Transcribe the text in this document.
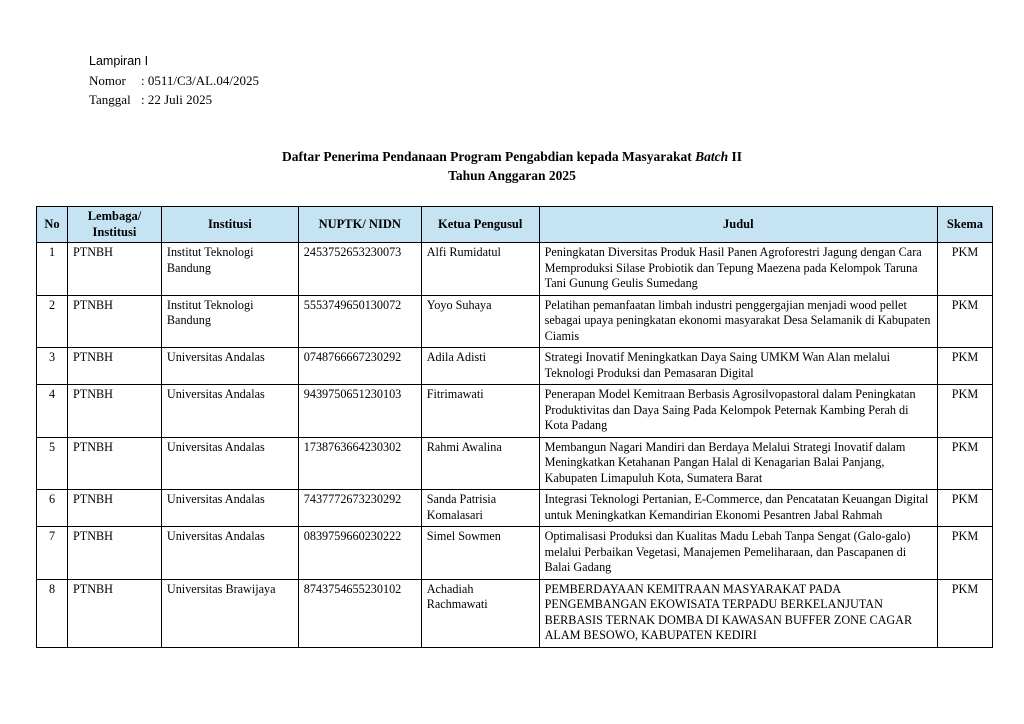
Lampiran I
Nomor : 0511/C3/AL.04/2025
Tanggal : 22 Juli 2025
Daftar Penerima Pendanaan Program Pengabdian kepada Masyarakat Batch II
Tahun Anggaran 2025
No	Lembaga/ Institusi	Institusi	NUPTK/ NIDN	Ketua Pengusul	Judul	Skema
1	PTNBH	Institut Teknologi Bandung	2453752653230073	Alfi Rumidatul	Peningkatan Diversitas Produk Hasil Panen Agroforestri Jagung dengan Cara Memproduksi Silase Probiotik dan Tepung Maezena pada Kelompok Taruna Tani Gunung Geulis Sumedang	PKM
2	PTNBH	Institut Teknologi Bandung	5553749650130072	Yoyo Suhaya	Pelatihan pemanfaatan limbah industri penggergajian menjadi wood pellet sebagai upaya peningkatan ekonomi masyarakat Desa Selamanik di Kabupaten Ciamis	PKM
3	PTNBH	Universitas Andalas	0748766667230292	Adila Adisti	Strategi Inovatif Meningkatkan Daya Saing UMKM Wan Alan melalui Teknologi Produksi dan Pemasaran Digital	PKM
4	PTNBH	Universitas Andalas	9439750651230103	Fitrimawati	Penerapan Model Kemitraan Berbasis Agrosilvopastoral dalam Peningkatan Produktivitas dan Daya Saing Pada Kelompok Peternak Kambing Perah di Kota Padang	PKM
5	PTNBH	Universitas Andalas	1738763664230302	Rahmi Awalina	Membangun Nagari Mandiri dan Berdaya Melalui Strategi Inovatif dalam Meningkatkan Ketahanan Pangan Halal di Kenagarian Balai Panjang, Kabupaten Limapuluh Kota, Sumatera Barat	PKM
6	PTNBH	Universitas Andalas	7437772673230292	Sanda Patrisia Komalasari	Integrasi Teknologi Pertanian, E-Commerce, dan Pencatatan Keuangan Digital untuk Meningkatkan Kemandirian Ekonomi Pesantren Jabal Rahmah	PKM
7	PTNBH	Universitas Andalas	0839759660230222	Simel Sowmen	Optimalisasi Produksi dan Kualitas Madu Lebah Tanpa Sengat (Galo-galo) melalui Perbaikan Vegetasi, Manajemen Pemeliharaan, dan Pascapanen di Balai Gadang	PKM
8	PTNBH	Universitas Brawijaya	8743754655230102	Achadiah Rachmawati	PEMBERDAYAAN KEMITRAAN MASYARAKAT PADA PENGEMBANGAN EKOWISATA TERPADU BERKELANJUTAN BERBASIS TERNAK DOMBA DI KAWASAN BUFFER ZONE CAGAR ALAM BESOWO, KABUPATEN KEDIRI	PKM
